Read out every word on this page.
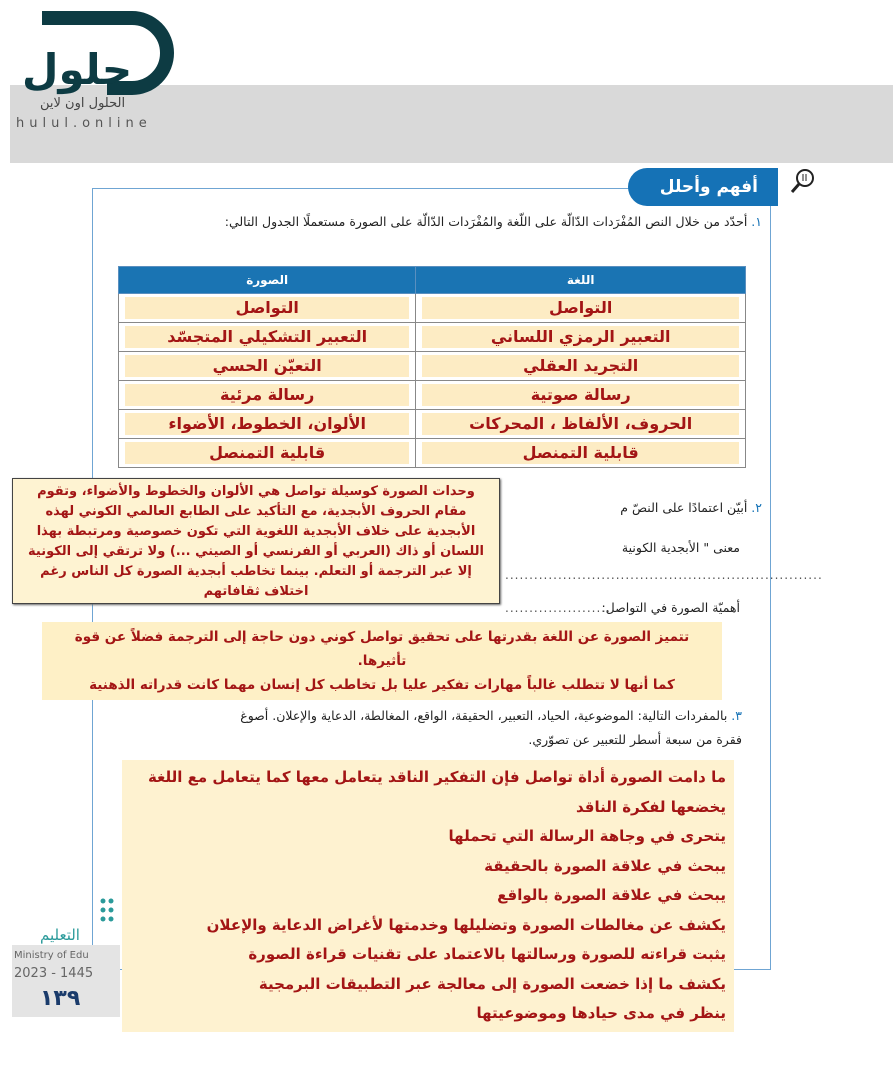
حلول
الحلول اون لاين
hulul.online
أفهم وأحلل
١. أحدّد من خلال النص المُفْرَدات الدّالّة على اللّغة والمُفْرَدات الدّالّة على الصورة مستعملًا الجدول التالي:
اللغة	الصورة

التواصل	التواصل

التعبير الرمزي اللساني	التعبير التشكيلي المتجسّد

التجريد العقلي	التعيّن الحسي

رسالة صوتية	رسالة مرئية

الحروف، الألفاظ ، المحركات	الألوان، الخطوط، الأضواء

قابلية التمنصل	قابلية التمنصل
٢. أبيّن اعتمادًا على النصّ م
معنى " الأبجدية الكونية
..................................................................
أهميّة الصورة في التواصل:
..........................
وحدات الصورة كوسيلة تواصل هي الألوان والخطوط والأضواء، وتقوم مقام الحروف الأبجدية، مع التأكيد على الطابع العالمي الكوني لهذه الأبجدية على خلاف الأبجدية اللغوية التي تكون خصوصية ومرتبطة بهذا اللسان أو ذاك (العربي أو الفرنسي أو الصيني ...) ولا ترتقي إلى الكونية إلا عبر الترجمة أو التعلم. بينما تخاطب أبجدية الصورة كل الناس رغم اختلاف ثقافاتهم
تتميز الصورة عن اللغة بقدرتها على تحقيق تواصل كوني دون حاجة إلى الترجمة فضلاً عن قوة تأثيرها.
كما أنها لا تتطلب غالباً مهارات تفكير عليا بل تخاطب كل إنسان مهما كانت قدراته الذهنية
٣. بالمفردات التالية: الموضوعية، الحياد، التعبير، الحقيقة، الواقع، المغالطة، الدعاية والإعلان. أصوغ
فقرة من سبعة أسطر للتعبير عن تصوّري.
ما دامت الصورة أداة تواصل فإن التفكير الناقد يتعامل معها كما يتعامل مع اللغة
يخضعها لفكرة الناقد
يتحرى في وجاهة الرسالة التي تحملها
يبحث في علاقة الصورة بالحقيقة
يبحث في علاقة الصورة بالواقع
يكشف عن مغالطات الصورة وتضليلها وخدمتها لأغراض الدعاية والإعلان
يثبت قراءته للصورة ورسالتها بالاعتماد على تقنيات قراءة الصورة
يكشف ما إذا خضعت الصورة إلى معالجة عبر التطبيقات البرمجية
ينظر في مدى حيادها وموضوعيتها
التعليم
Ministry of Edu
2023 - 1445
١٣٩
